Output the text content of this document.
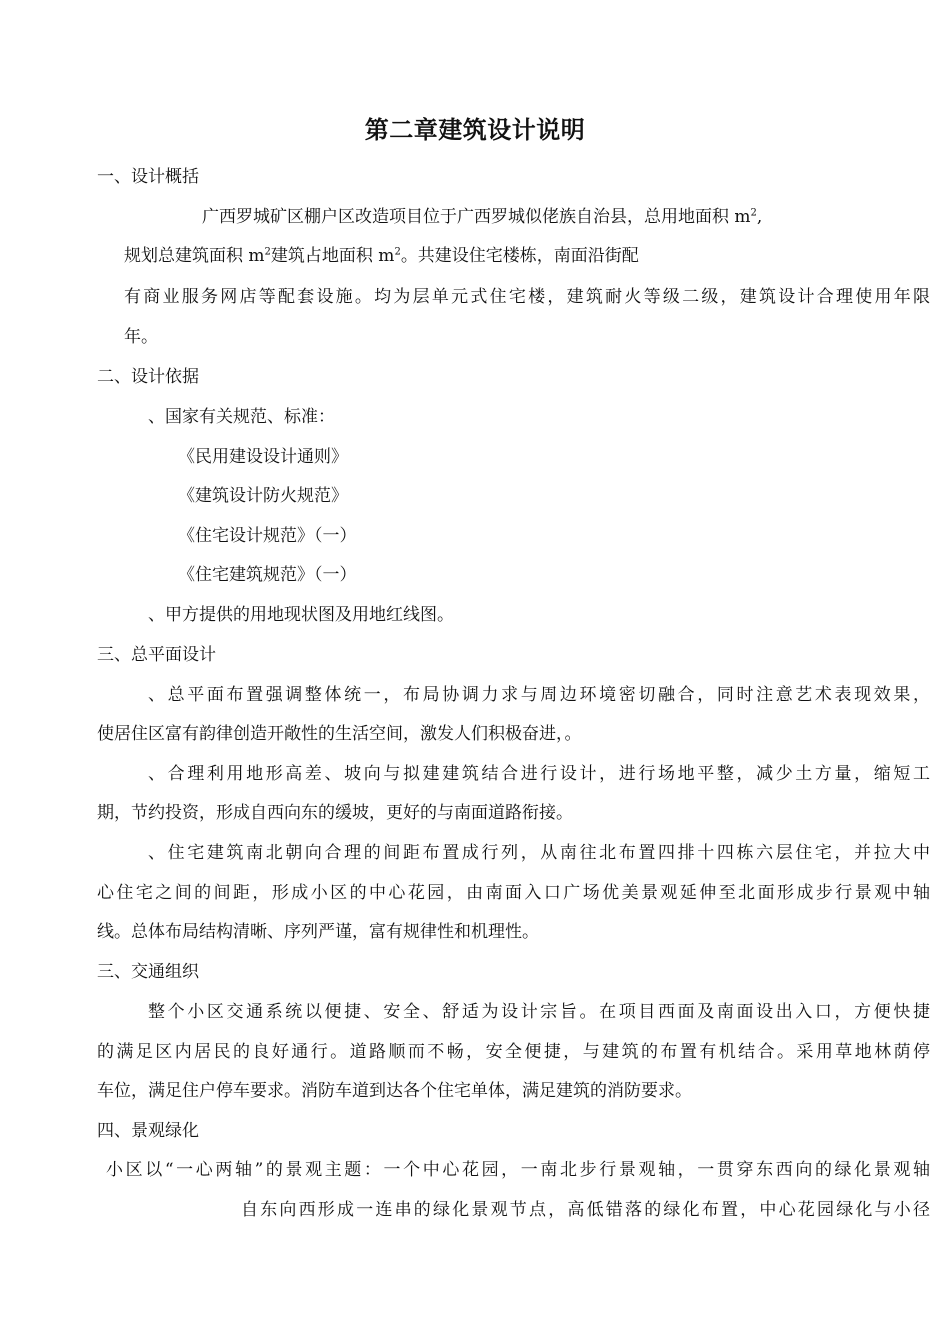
第二章建筑设计说明
一、设计概括
广西罗城矿区棚户区改造项目位于广西罗城似佬族自治县，总用地面积 $m^2$,
规划总建筑面积 $m^2$建筑占地面积 $m^2$。共建设住宅楼栋，南面沿街配
有商业服务网店等配套设施。均为层单元式住宅楼，建筑耐火等级二级，建筑设计合理使用年限
年。
二、设计依据
、国家有关规范、标准：
《民用建设设计通则》
《建筑设计防火规范》
《住宅设计规范》（一）
《住宅建筑规范》（一）
、甲方提供的用地现状图及用地红线图。
三、总平面设计
、总平面布置强调整体统一，布局协调力求与周边环境密切融合，同时注意艺术表现效果，
使居住区富有韵律创造开敞性的生活空间，激发人们积极奋进，。
、合理利用地形高差、坡向与拟建建筑结合进行设计，进行场地平整，减少土方量，缩短工
期，节约投资，形成自西向东的缓坡，更好的与南面道路衔接。
、住宅建筑南北朝向合理的间距布置成行列，从南往北布置四排十四栋六层住宅，并拉大中
心住宅之间的间距，形成小区的中心花园，由南面入口广场优美景观延伸至北面形成步行景观中轴
线。总体布局结构清晰、序列严谨，富有规律性和机理性。
三、交通组织
整个小区交通系统以便捷、安全、舒适为设计宗旨。在项目西面及南面设出入口，方便快捷
的满足区内居民的良好通行。道路顺而不畅，安全便捷，与建筑的布置有机结合。采用草地林荫停
车位，满足住户停车要求。消防车道到达各个住宅单体，满足建筑的消防要求。
四、景观绿化
小区以“一心两轴”的景观主题：一个中心花园，一南北步行景观轴，一贯穿东西向的绿化景观轴
自东向西形成一连串的绿化景观节点，高低错落的绿化布置，中心花园绿化与小径
